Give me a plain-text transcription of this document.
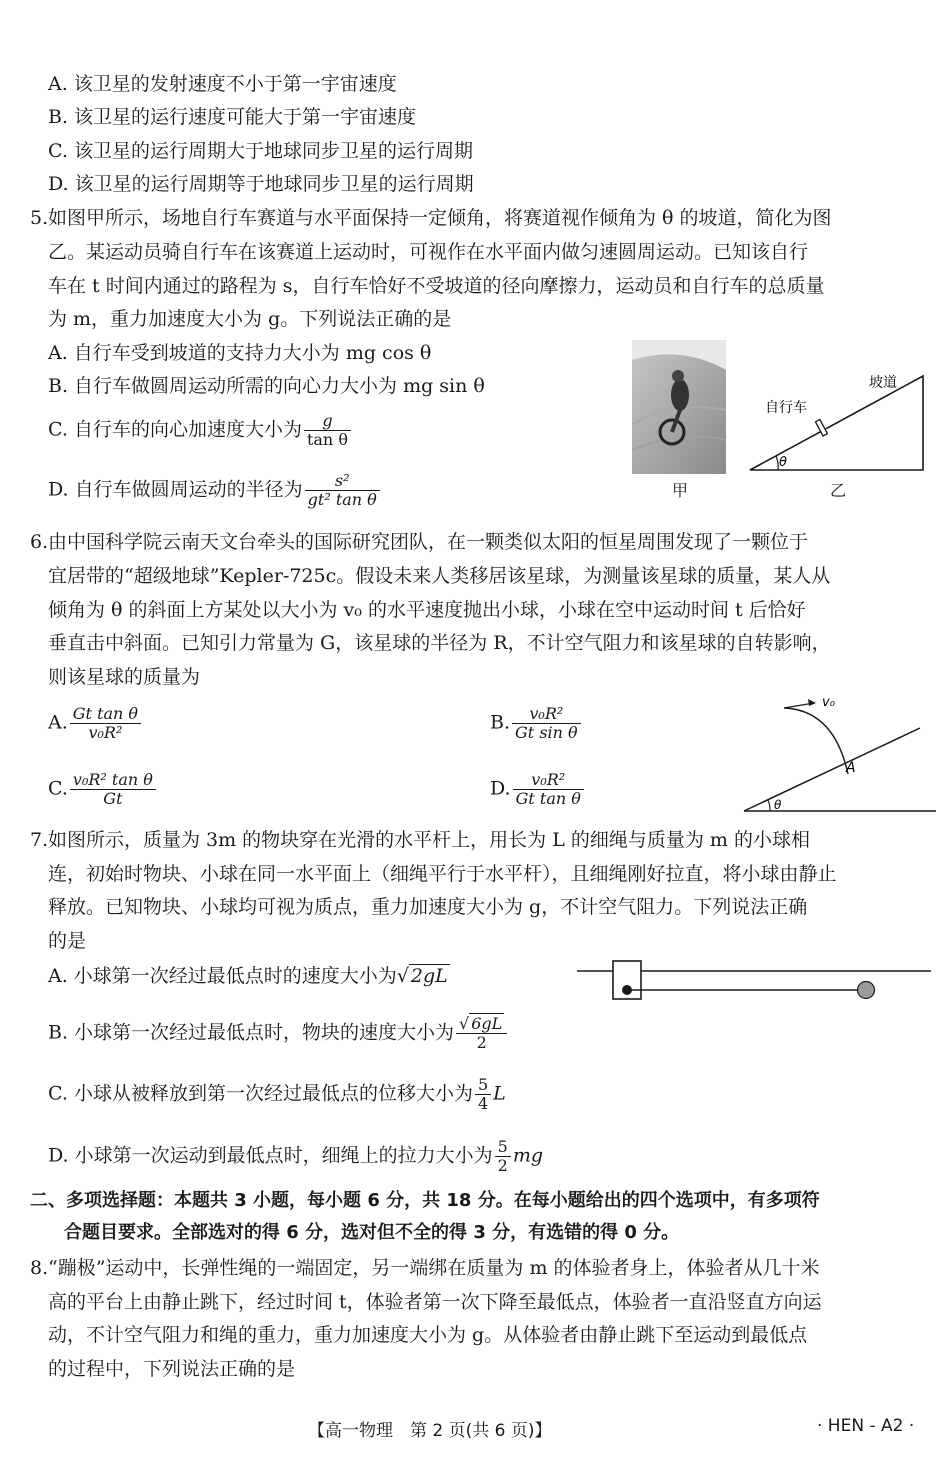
A. 该卫星的发射速度不小于第一宇宙速度
B. 该卫星的运行速度可能大于第一宇宙速度
C. 该卫星的运行周期大于地球同步卫星的运行周期
D. 该卫星的运行周期等于地球同步卫星的运行周期
5.如图甲所示，场地自行车赛道与水平面保持一定倾角，将赛道视作倾角为 θ 的坡道，简化为图
乙。某运动员骑自行车在该赛道上运动时，可视作在水平面内做匀速圆周运动。已知该自行
车在 t 时间内通过的路程为 s，自行车恰好不受坡道的径向摩擦力，运动员和自行车的总质量
为 m，重力加速度大小为 g。下列说法正确的是
A. 自行车受到坡道的支持力大小为 mg cos θ
B. 自行车做圆周运动所需的向心力大小为 mg sin θ
C. 自行车的向心加速度大小为 $\frac{g}{\text{tan θ}}$
D. 自行车做圆周运动的半径为 $\frac{\text{s²}}{\text{gt² tan θ}}$	甲
θ
坡道
自行车
乙
6.由中国科学院云南天文台牵头的国际研究团队，在一颗类似太阳的恒星周围发现了一颗位于
宜居带的“超级地球”Kepler-725c。假设未来人类移居该星球，为测量该星球的质量，某人从
倾角为 θ 的斜面上方某处以大小为 v₀ 的水平速度抛出小球，小球在空中运动时间 t 后恰好
垂直击中斜面。已知引力常量为 G，该星球的半径为 R，不计空气阻力和该星球的自转影响，
则该星球的质量为
A. $\frac{\text{Gt tan θ}}{\text{v₀R²}}$	B. $\frac{\text{v₀R²}}{\text{Gt sin θ}}$
C. $\frac{\text{v₀R² tan θ}}{Gt}$	D. $\frac{\text{v₀R²}}{\text{Gt tan θ}}$
v₀
A
θ
7.如图所示，质量为 3m 的物块穿在光滑的水平杆上，用长为 L 的细绳与质量为 m 的小球相
连，初始时物块、小球在同一水平面上（细绳平行于水平杆），且细绳刚好拉直，将小球由静止
释放。已知物块、小球均可视为质点，重力加速度大小为 g，不计空气阻力。下列说法正确
的是
A. 小球第一次经过最低点时的速度大小为√ 2gL
B. 小球第一次经过最低点时，物块的速度大小为 $\frac{√ 6gL}{2}$
C. 小球从被释放到第一次经过最低点的位移大小为 $\frac{5}{4}$ L
D. 小球第一次运动到最低点时，细绳上的拉力大小为 $\frac{5}{2}$ mg
二、多项选择题：本题共 3 小题，每小题 6 分，共 18 分。在每小题给出的四个选项中，有多项符
合题目要求。全部选对的得 6 分，选对但不全的得 3 分，有选错的得 0 分。
8.“蹦极”运动中，长弹性绳的一端固定，另一端绑在质量为 m 的体验者身上，体验者从几十米
高的平台上由静止跳下，经过时间 t，体验者第一次下降至最低点，体验者一直沿竖直方向运
动，不计空气阻力和绳的重力，重力加速度大小为 g。从体验者由静止跳下至运动到最低点
的过程中，下列说法正确的是
【高一物理　第 2 页(共 6 页)】	· HEN - A2 ·
